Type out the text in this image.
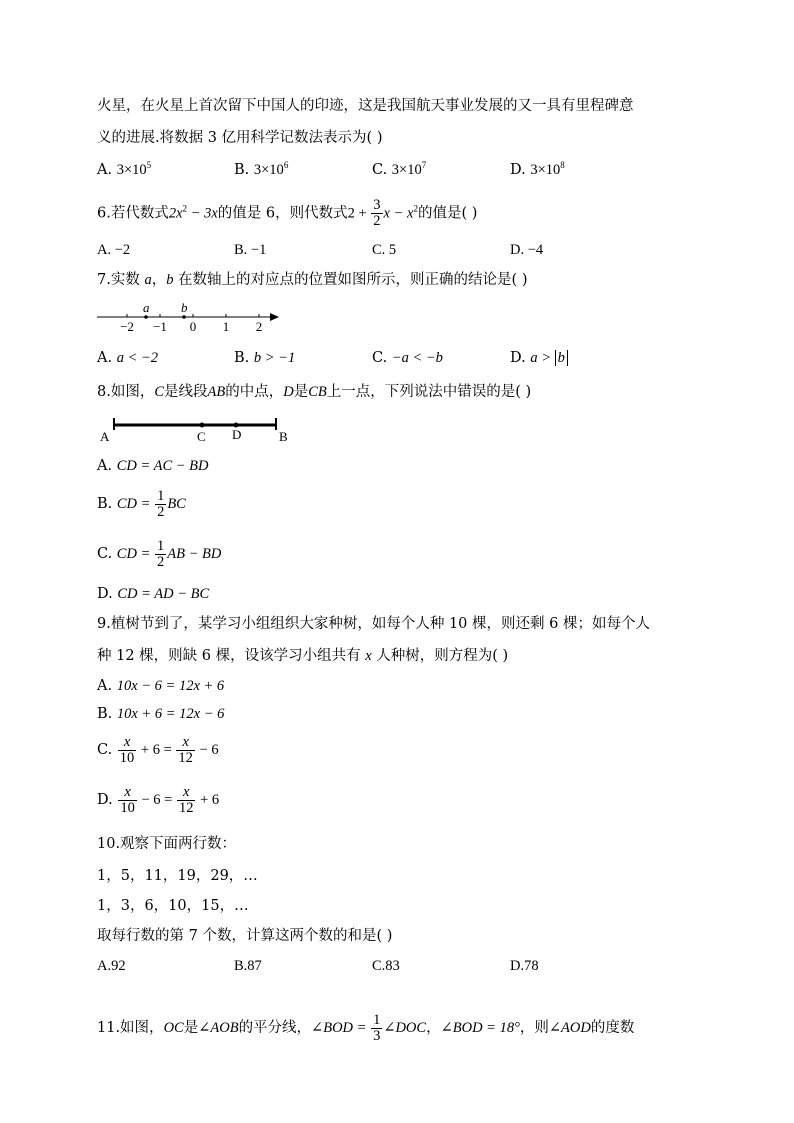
火星，在火星上首次留下中国人的印迹，这是我国航天事业发展的又一具有里程碑意
义的进展.将数据 3 亿用科学记数法表示为( )
A. $3\times 10^5$	B. $3\times 10^6$	C. $3\times 10^7$	D. $3\times 10^8$
6.若代数式$2x^2 - 3x$的值是 6，则代数式$2 + \frac{3}{2}$ $x - x^2$的值是( )
A. −2	B. −1	C. 5	D. −4
7.实数 a，b 在数轴上的对应点的位置如图所示，则正确的结论是( )
a b
−2 −1 0 1 2
A. a < −2	B. b > −1	C. −a < −b	D. a > b
8.如图，C是线段AB的中点，D是CB上一点，下列说法中错误的是( )
A	C D	B
A. CD = AC − BD
B. CD = $\frac{1}{2}$ BC
C. CD = $\frac{1}{2}$ AB − BD
D. CD = AD − BC
9.植树节到了，某学习小组组织大家种树，如每个人种 10 棵，则还剩 6 棵；如每个人
种 12 棵，则缺 6 棵，设该学习小组共有 x 人种树，则方程为( )
A. 10x − 6 = 12x + 6
B. 10x + 6 = 12x − 6
C. $\frac{x}{10} + 6 = \frac{x}{12} - 6$
D. $\frac{x}{10} - 6 = \frac{x}{12} + 6$
10.观察下面两行数：
1，5，11，19，29，…
1，3，6，10，15，…
取每行数的第 7 个数，计算这两个数的和是( )
A.92	B.87	C.83	D.78
11.如图，OC是∠AOB的平分线，∠BOD = $\frac{1}{3}$ ∠DOC，∠BOD = 18°，则∠AOD的度数
